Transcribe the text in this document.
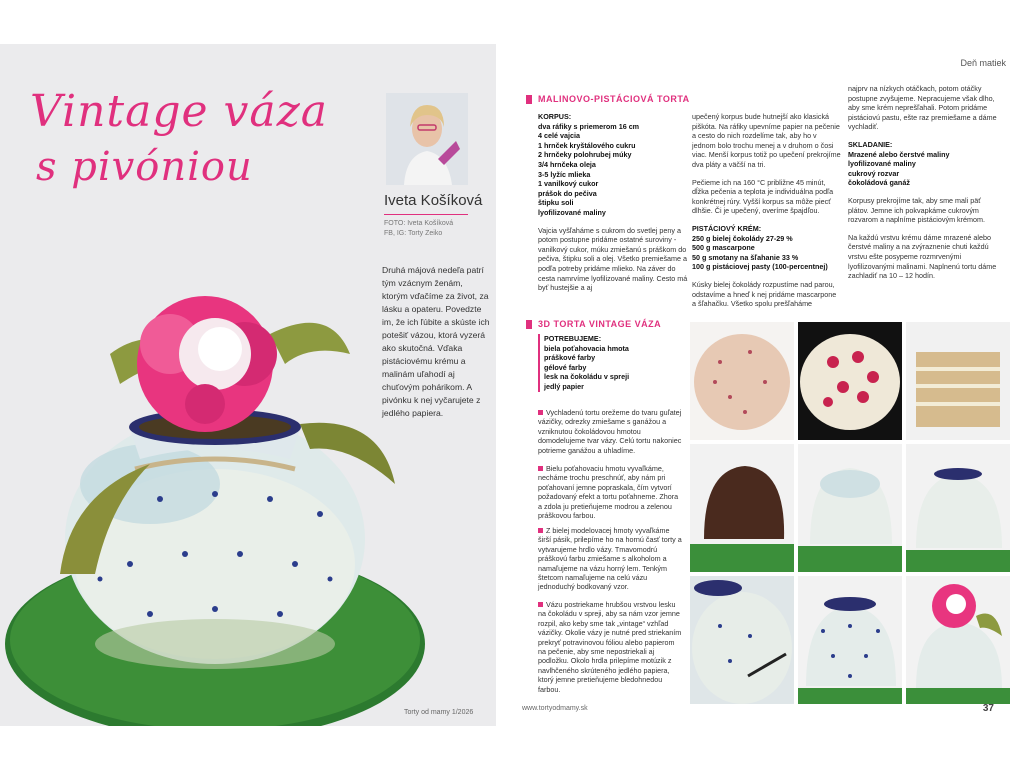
Vintage váza
s pivóniou
Iveta Košíková
FOTO: Iveta Košíková
FB, IG: Torty Zeiko

Druhá májová nedeľa patrí tým vzácnym ženám, ktorým vďačíme za život, za lásku a opateru. Povedzte im, že ich ľúbite a skúste ich potešiť vázou, ktorá vyzerá ako skutočná. Vďaka pistáciovému krému a malinám uľahodí aj chuťovým pohárikom. A pivónku k nej vyčarujete z jedlého papiera.

Torty od mamy 1/2026
Deň matiek
MALINOVO-PISTÁCIOVÁ TORTA
KORPUS:
dva ráfiky s priemerom 16 cm
4 celé vajcia
1 hrnček kryštálového cukru
2 hrnčeky polohrubej múky
3/4 hrnčeka oleja
3-5 lyžíc mlieka
1 vanilkový cukor
prášok do pečiva
štipku soli
lyofilizované maliny

Vajcia vyšľaháme s cukrom do svetlej peny a potom postupne pridáme ostatné suroviny - vanilkový cukor, múku zmiešanú s práškom do pečiva, štipku soli a olej. Všetko premiešame a podľa potreby pridáme mlieko. Na záver do cesta namrvíme lyofilizované maliny. Cesto má byť hustejšie a aj

upečený korpus bude hutnejší ako klasická piškóta. Na ráfiky upevníme papier na pečenie a cesto do nich rozdelíme tak, aby ho v jednom bolo trochu menej a v druhom o čosi viac. Menší korpus totiž po upečení prekrojíme dva pláty a väčší na tri.

Pečieme ich na 160 °C približne 45 minút, dĺžka pečenia a teplota je individuálna podľa konkrétnej rúry. Vyšší korpus sa môže piecť dlhšie. Či je upečený, overíme špajdľou.

PISTÁCIOVÝ KRÉM:
250 g bielej čokolády 27-29 %
500 g mascarpone
50 g smotany na šľahanie 33 %
100 g pistáciovej pasty (100-percentnej)

Kúsky bielej čokolády rozpustíme nad parou, odstavíme a hneď k nej pridáme mascarpone a šľahačku. Všetko spolu prešľaháme

najprv na nízkych otáčkach, potom otáčky postupne zvyšujeme. Nepracujeme však dlho, aby sme krém neprešľahali. Potom pridáme pistáciovú pastu, ešte raz premiešame a dáme vychladiť.

SKLADANIE:
Mrazené alebo čerstvé maliny
lyofilizované maliny
cukrový rozvar
čokoládová ganáž

Korpusy prekrojíme tak, aby sme mali päť plátov. Jemne ich pokvapkáme cukrovým rozvarom a naplníme pistáciovým krémom.

Na každú vrstvu krému dáme mrazené alebo čerstvé maliny a na zvýraznenie chuti každú vrstvu ešte posypeme rozmrvenými lyofilizovanými malinami. Naplnenú tortu dáme zachladiť na 10 – 12 hodín.

3D TORTA VINTAGE VÁZA
POTREBUJEME:
biela poťahovacia hmota
práškové farby
gélové farby
lesk na čokoládu v spreji
jedlý papier
Vychladenú tortu orežeme do tvaru guľatej vázičky, odrezky zmiešame s ganážou a vzniknutou čokoládovou hmotou domodelujeme tvar vázy. Celú tortu nakoniec potrieme ganážou a uhladíme.
Bielu poťahovaciu hmotu vyvaľkáme, necháme trochu preschnúť, aby nám pri poťahovaní jemne popraskala, čím vytvorí požadovaný efekt a tortu poťahneme. Zhora a zdola ju pretieňujeme modrou a zelenou práškovou farbou.
Z bielej modelovacej hmoty vyvaľkáme širší pásik, prilepíme ho na hornú časť torty a vytvarujeme hrdlo vázy. Tmavomodrú práškovú farbu zmiešame s alkoholom a namaľujeme na vázu horný lem. Tenkým štetcom namaľujeme na celú vázu jednoduchý bodkovaný vzor.
Vázu postriekame hrubšou vrstvou lesku na čokoládu v spreji, aby sa nám vzor jemne rozpil, ako keby sme tak „vintage“ vzhľad vázičky. Okolie vázy je nutné pred striekaním prekryť potravinovou fóliou alebo papierom na pečenie, aby sme nepostriekali aj podložku. Okolo hrdla prilepíme motúzik z navlhčeného skrúteného jedlého papiera, ktorý jemne pretieňujeme bledohnedou farbou.
www.tortyodmamy.sk	37
